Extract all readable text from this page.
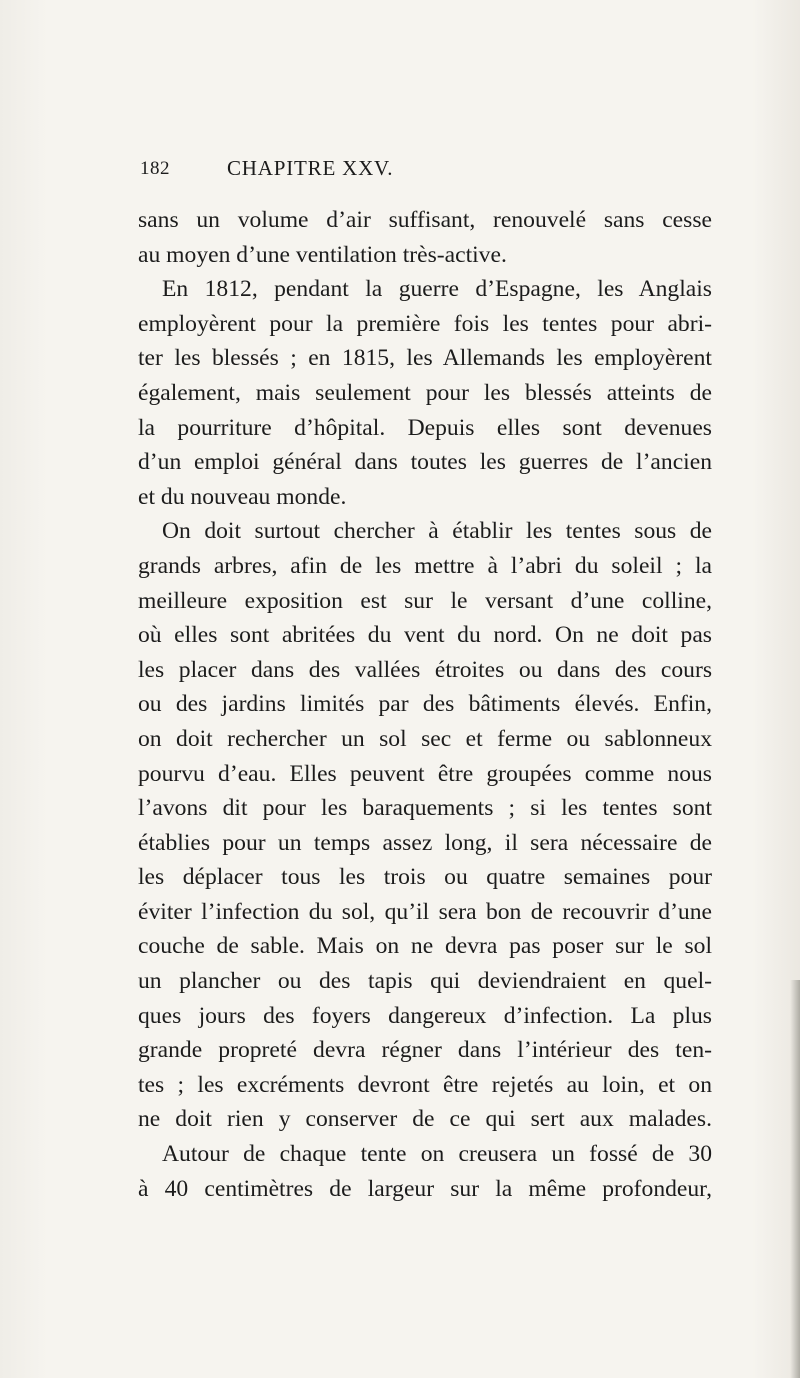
182	CHAPITRE XXV.
sans un volume d’air suffisant, renouvelé sans cesse
au moyen d’une ventilation très-active.
En 1812, pendant la guerre d’Espagne, les Anglais
employèrent pour la première fois les tentes pour abri-
ter les blessés ; en 1815, les Allemands les employèrent
également, mais seulement pour les blessés atteints de
la pourriture d’hôpital. Depuis elles sont devenues
d’un emploi général dans toutes les guerres de l’ancien
et du nouveau monde.
On doit surtout chercher à établir les tentes sous de
grands arbres, afin de les mettre à l’abri du soleil ; la
meilleure exposition est sur le versant d’une colline,
où elles sont abritées du vent du nord. On ne doit pas
les placer dans des vallées étroites ou dans des cours
ou des jardins limités par des bâtiments élevés. Enfin,
on doit rechercher un sol sec et ferme ou sablonneux
pourvu d’eau. Elles peuvent être groupées comme nous
l’avons dit pour les baraquements ; si les tentes sont
établies pour un temps assez long, il sera nécessaire de
les déplacer tous les trois ou quatre semaines pour
éviter l’infection du sol, qu’il sera bon de recouvrir d’une
couche de sable. Mais on ne devra pas poser sur le sol
un plancher ou des tapis qui deviendraient en quel-
ques jours des foyers dangereux d’infection. La plus
grande propreté devra régner dans l’intérieur des ten-
tes ; les excréments devront être rejetés au loin, et on
ne doit rien y conserver de ce qui sert aux malades.
Autour de chaque tente on creusera un fossé de 30
à 40 centimètres de largeur sur la même profondeur,
